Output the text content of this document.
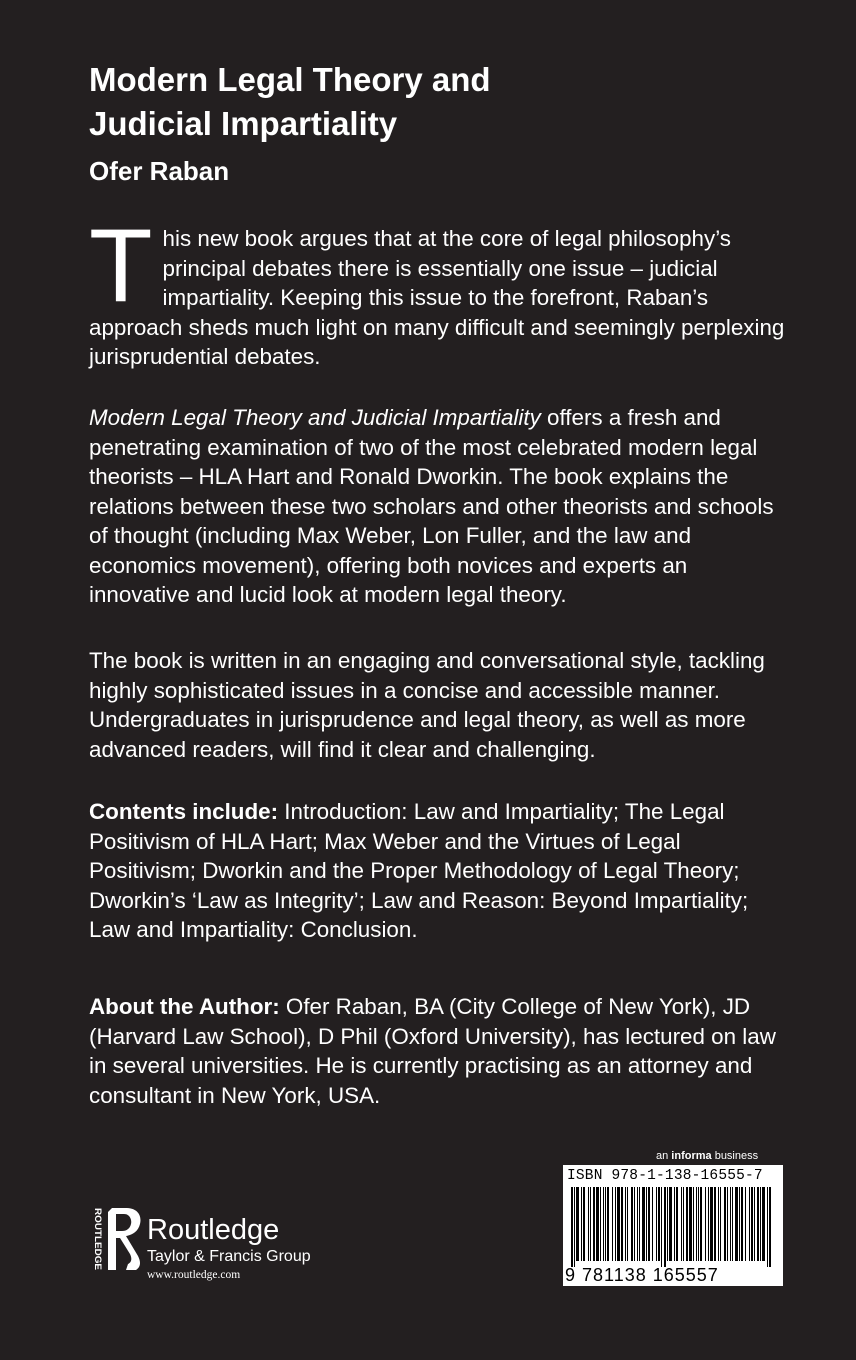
Modern Legal Theory and
Judicial Impartiality
Ofer Raban

This new book argues that at the core of legal philosophy’s principal debates there is essentially one issue – judicial impartiality. Keeping this issue to the forefront, Raban’s approach sheds much light on many difficult and seemingly perplexing jurisprudential debates.

Modern Legal Theory and Judicial Impartiality offers a fresh and penetrating examination of two of the most celebrated modern legal theorists – HLA Hart and Ronald Dworkin. The book explains the relations between these two scholars and other theorists and schools of thought (including Max Weber, Lon Fuller, and the law and economics movement), offering both novices and experts an innovative and lucid look at modern legal theory.

The book is written in an engaging and conversational style, tackling highly sophisticated issues in a concise and accessible manner. Undergraduates in jurisprudence and legal theory, as well as more advanced readers, will find it clear and challenging.

Contents include: Introduction: Law and Impartiality; The Legal Positivism of HLA Hart; Max Weber and the Virtues of Legal Positivism; Dworkin and the Proper Methodology of Legal Theory; Dworkin’s ‘Law as Integrity’; Law and Reason: Beyond Impartiality; Law and Impartiality: Conclusion.

About the Author: Ofer Raban, BA (City College of New York), JD (Harvard Law School), D Phil (Oxford University), has lectured on law in several universities. He is currently practising as an attorney and consultant in New York, USA.

ROUTLEDGE Routledge
Taylor & Francis Group
www.routledge.com
an informa business
ISBN 978-1-138-16555-7
9 781138 165557
